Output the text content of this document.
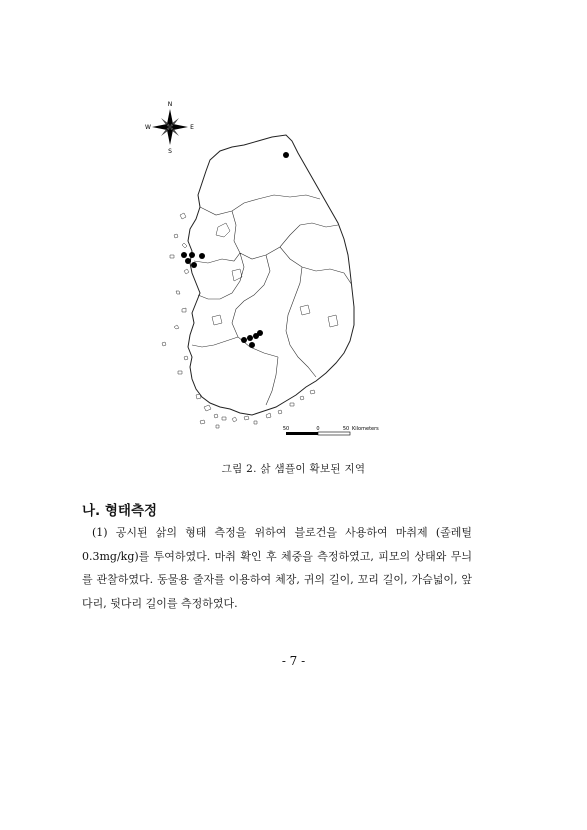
N
S
W	E
50	0	50 Kilometers
그림 2. 삵 샘플이 확보된 지역
나. 형태측정

(1) 공시된 삵의 형태 측정을 위하여 블로건을 사용하여 마취제 (졸레틸 0.3mg/kg)를 투여하였다. 마취 확인 후 체중을 측정하였고, 피모의 상태와 무늬를 관찰하였다. 동물용 줄자를 이용하여 체장, 귀의 길이, 꼬리 길이, 가슴넓이, 앞다리, 뒷다리 길이를 측정하였다.

- 7 -
